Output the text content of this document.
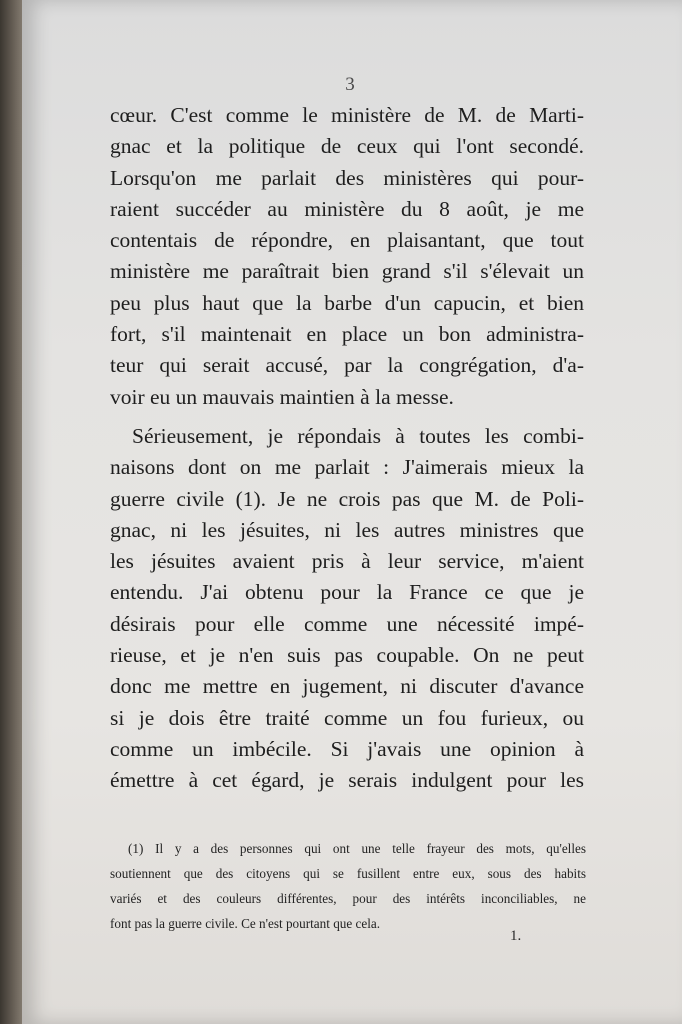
3
cœur. C'est comme le ministère de M. de Marti-
gnac et la politique de ceux qui l'ont secondé.
Lorsqu'on me parlait des ministères qui pour-
raient succéder au ministère du 8 août, je me
contentais de répondre, en plaisantant, que tout
ministère me paraîtrait bien grand s'il s'élevait un
peu plus haut que la barbe d'un capucin, et bien
fort, s'il maintenait en place un bon administra-
teur qui serait accusé, par la congrégation, d'a-
voir eu un mauvais maintien à la messe.
Sérieusement, je répondais à toutes les combi-
naisons dont on me parlait : J'aimerais mieux la
guerre civile (1). Je ne crois pas que M. de Poli-
gnac, ni les jésuites, ni les autres ministres que
les jésuites avaient pris à leur service, m'aient
entendu. J'ai obtenu pour la France ce que je
désirais pour elle comme une nécessité impé-
rieuse, et je n'en suis pas coupable. On ne peut
donc me mettre en jugement, ni discuter d'avance
si je dois être traité comme un fou furieux, ou
comme un imbécile. Si j'avais une opinion à
émettre à cet égard, je serais indulgent pour les
(1) Il y a des personnes qui ont une telle frayeur des mots, qu'elles
soutiennent que des citoyens qui se fusillent entre eux, sous des habits
variés et des couleurs différentes, pour des intérêts inconciliables, ne
font pas la guerre civile. Ce n'est pourtant que cela.
1.
